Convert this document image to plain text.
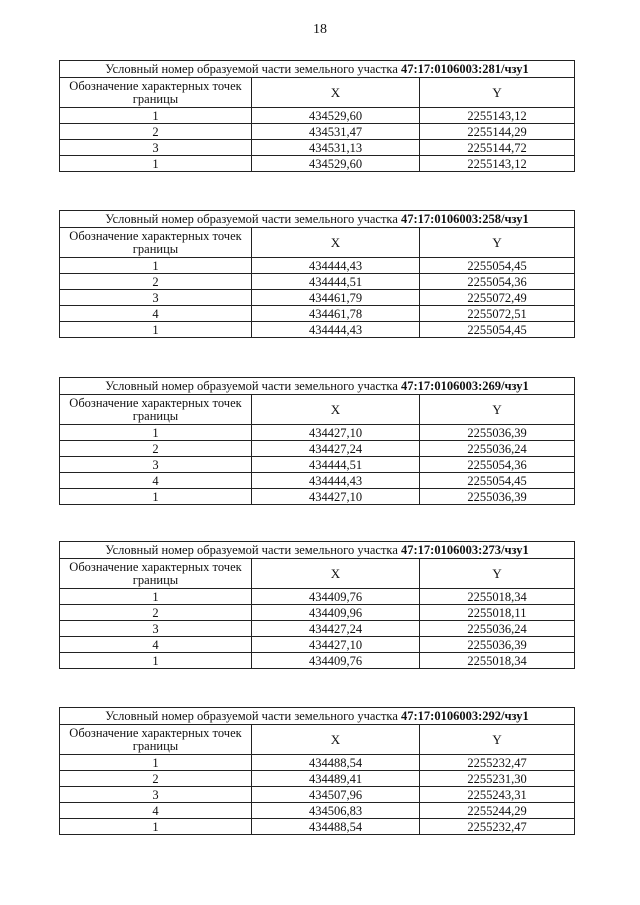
18
Условный номер образуемой части земельного участка 47:17:0106003:281/чзу1		
Обозначение характерных точек границы	X	Y
1	434529,60	2255143,12
2	434531,47	2255144,29
3	434531,13	2255144,72
1	434529,60	2255143,12
Условный номер образуемой части земельного участка 47:17:0106003:258/чзу1		
Обозначение характерных точек границы	X	Y
1	434444,43	2255054,45
2	434444,51	2255054,36
3	434461,79	2255072,49
4	434461,78	2255072,51
1	434444,43	2255054,45
Условный номер образуемой части земельного участка 47:17:0106003:269/чзу1		
Обозначение характерных точек границы	X	Y
1	434427,10	2255036,39
2	434427,24	2255036,24
3	434444,51	2255054,36
4	434444,43	2255054,45
1	434427,10	2255036,39
Условный номер образуемой части земельного участка 47:17:0106003:273/чзу1		
Обозначение характерных точек границы	X	Y
1	434409,76	2255018,34
2	434409,96	2255018,11
3	434427,24	2255036,24
4	434427,10	2255036,39
1	434409,76	2255018,34
Условный номер образуемой части земельного участка 47:17:0106003:292/чзу1		
Обозначение характерных точек границы	X	Y
1	434488,54	2255232,47
2	434489,41	2255231,30
3	434507,96	2255243,31
4	434506,83	2255244,29
1	434488,54	2255232,47
